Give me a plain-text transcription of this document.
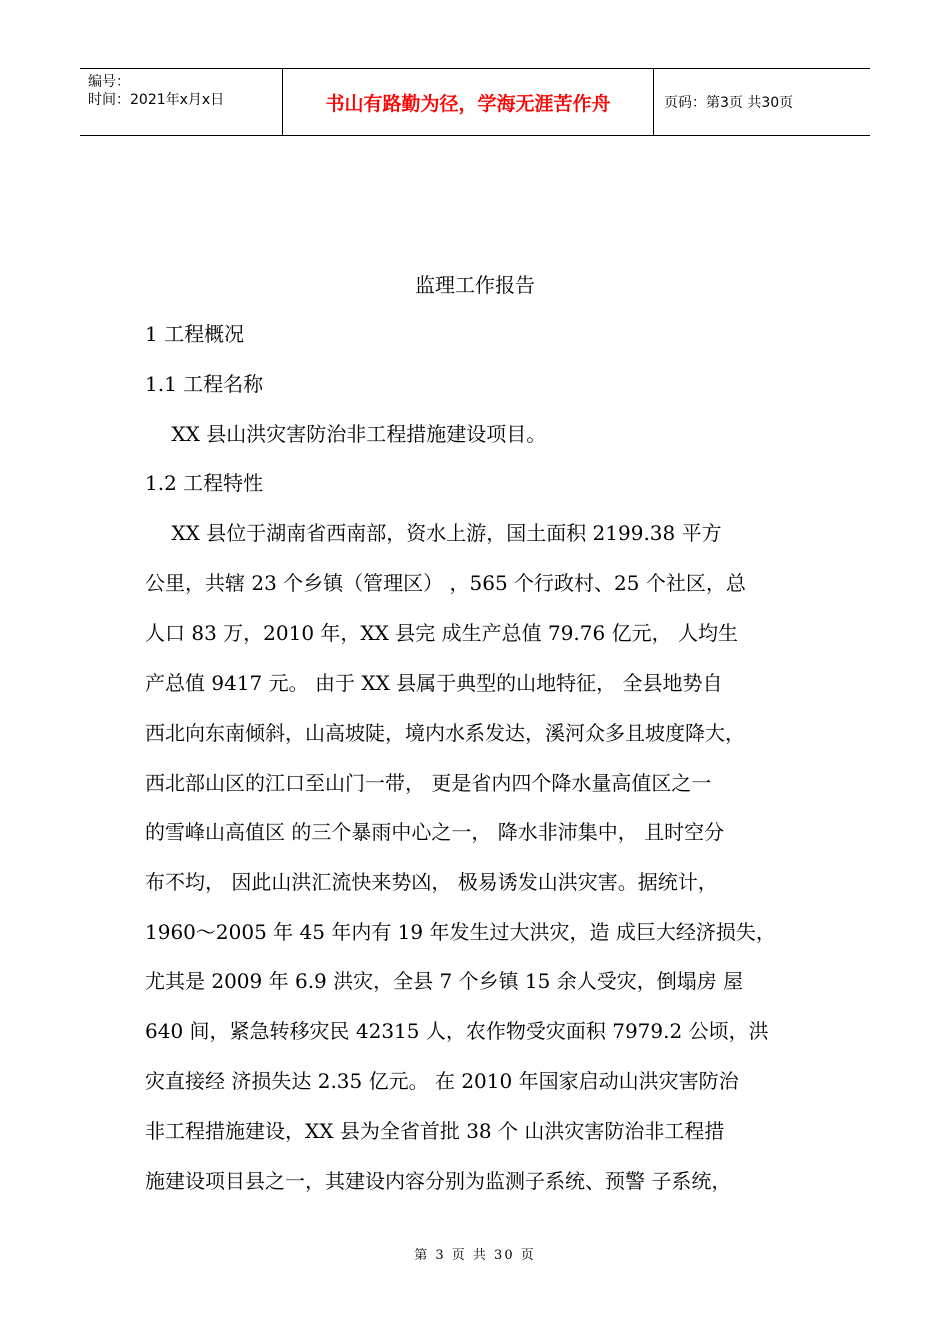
编号：
时间：2021年x月x日	书山有路勤为径，学海无涯苦作舟	页码：第3页 共30页
监理工作报告
1 工程概况
1.1 工程名称
　 XX 县山洪灾害防治非工程措施建设项目。
1.2 工程特性
　 XX 县位于湖南省西南部，资水上游，国土面积 2199.38 平方
公里，共辖 23 个乡镇（管理区） ，565 个行政村、25 个社区，总
人口 83 万，2010 年，XX 县完 成生产总值 79.76 亿元， 人均生
产总值 9417 元。 由于 XX 县属于典型的山地特征， 全县地势自
西北向东南倾斜，山高坡陡，境内水系发达，溪河众多且坡度降大，
西北部山区的江口至山门一带， 更是省内四个降水量高值区之一
的雪峰山高值区 的三个暴雨中心之一， 降水非沛集中， 且时空分
布不均， 因此山洪汇流快来势凶， 极易诱发山洪灾害。据统计，
1960～2005 年 45 年内有 19 年发生过大洪灾，造 成巨大经济损失，
尤其是 2009 年 6.9 洪灾，全县 7 个乡镇 15 余人受灾，倒塌房 屋
640 间，紧急转移灾民 42315 人，农作物受灾面积 7979.2 公顷，洪
灾直接经 济损失达 2.35 亿元。 在 2010 年国家启动山洪灾害防治
非工程措施建设，XX 县为全省首批 38 个 山洪灾害防治非工程措
施建设项目县之一，其建设内容分别为监测子系统、预警 子系统，
第 3 页 共 30 页
